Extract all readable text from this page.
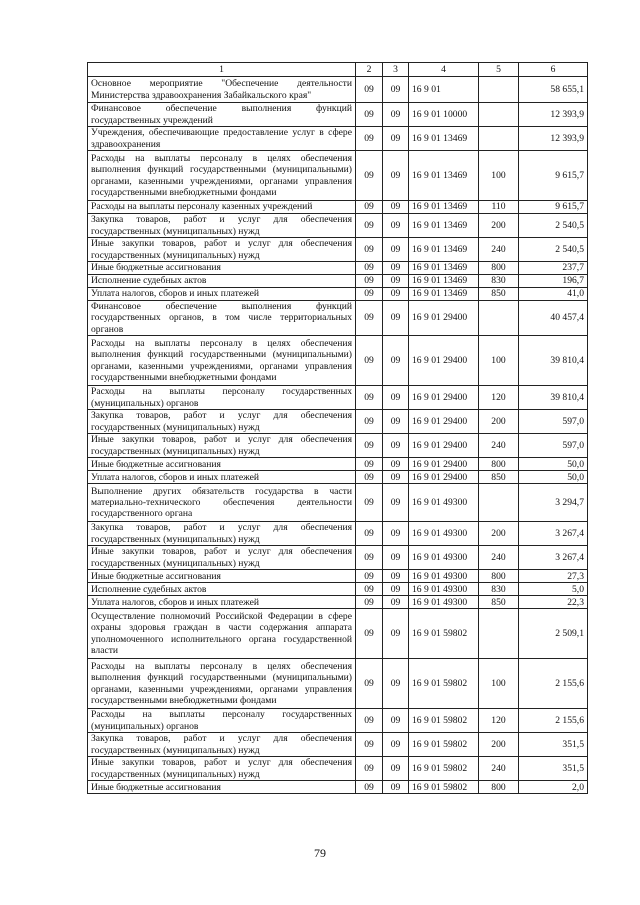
1	2	3	4	5	6
Основное мероприятие "Обеспечение деятельности Министерства здравоохранения Забайкальского края"	09	09	16 9 01		58 655,1
Финансовое обеспечение выполнения функций государственных учреждений	09	09	16 9 01 10000		12 393,9
Учреждения, обеспечивающие предоставление услуг в сфере здравоохранения	09	09	16 9 01 13469		12 393,9
Расходы на выплаты персоналу в целях обеспечения выполнения функций государственными (муниципальными) органами, казенными учреждениями, органами управления государственными внебюджетными фондами	09	09	16 9 01 13469	100	9 615,7
Расходы на выплаты персоналу казенных учреждений	09	09	16 9 01 13469	110	9 615,7
Закупка товаров, работ и услуг для обеспечения государственных (муниципальных) нужд	09	09	16 9 01 13469	200	2 540,5
Иные закупки товаров, работ и услуг для обеспечения государственных (муниципальных) нужд	09	09	16 9 01 13469	240	2 540,5
Иные бюджетные ассигнования	09	09	16 9 01 13469	800	237,7
Исполнение судебных актов	09	09	16 9 01 13469	830	196,7
Уплата налогов, сборов и иных платежей	09	09	16 9 01 13469	850	41,0
Финансовое обеспечение выполнения функций государственных органов, в том числе территориальных органов	09	09	16 9 01 29400		40 457,4
Расходы на выплаты персоналу в целях обеспечения выполнения функций государственными (муниципальными) органами, казенными учреждениями, органами управления государственными внебюджетными фондами	09	09	16 9 01 29400	100	39 810,4
Расходы на выплаты персоналу государственных (муниципальных) органов	09	09	16 9 01 29400	120	39 810,4
Закупка товаров, работ и услуг для обеспечения государственных (муниципальных) нужд	09	09	16 9 01 29400	200	597,0
Иные закупки товаров, работ и услуг для обеспечения государственных (муниципальных) нужд	09	09	16 9 01 29400	240	597,0
Иные бюджетные ассигнования	09	09	16 9 01 29400	800	50,0
Уплата налогов, сборов и иных платежей	09	09	16 9 01 29400	850	50,0
Выполнение других обязательств государства в части материально-технического обеспечения деятельности государственного органа	09	09	16 9 01 49300		3 294,7
Закупка товаров, работ и услуг для обеспечения государственных (муниципальных) нужд	09	09	16 9 01 49300	200	3 267,4
Иные закупки товаров, работ и услуг для обеспечения государственных (муниципальных) нужд	09	09	16 9 01 49300	240	3 267,4
Иные бюджетные ассигнования	09	09	16 9 01 49300	800	27,3
Исполнение судебных актов	09	09	16 9 01 49300	830	5,0
Уплата налогов, сборов и иных платежей	09	09	16 9 01 49300	850	22,3
Осуществление полномочий Российской Федерации в сфере охраны здоровья граждан в части содержания аппарата уполномоченного исполнительного органа государственной власти	09	09	16 9 01 59802		2 509,1
Расходы на выплаты персоналу в целях обеспечения выполнения функций государственными (муниципальными) органами, казенными учреждениями, органами управления государственными внебюджетными фондами	09	09	16 9 01 59802	100	2 155,6
Расходы на выплаты персоналу государственных (муниципальных) органов	09	09	16 9 01 59802	120	2 155,6
Закупка товаров, работ и услуг для обеспечения государственных (муниципальных) нужд	09	09	16 9 01 59802	200	351,5
Иные закупки товаров, работ и услуг для обеспечения государственных (муниципальных) нужд	09	09	16 9 01 59802	240	351,5
Иные бюджетные ассигнования	09	09	16 9 01 59802	800	2,0
79
